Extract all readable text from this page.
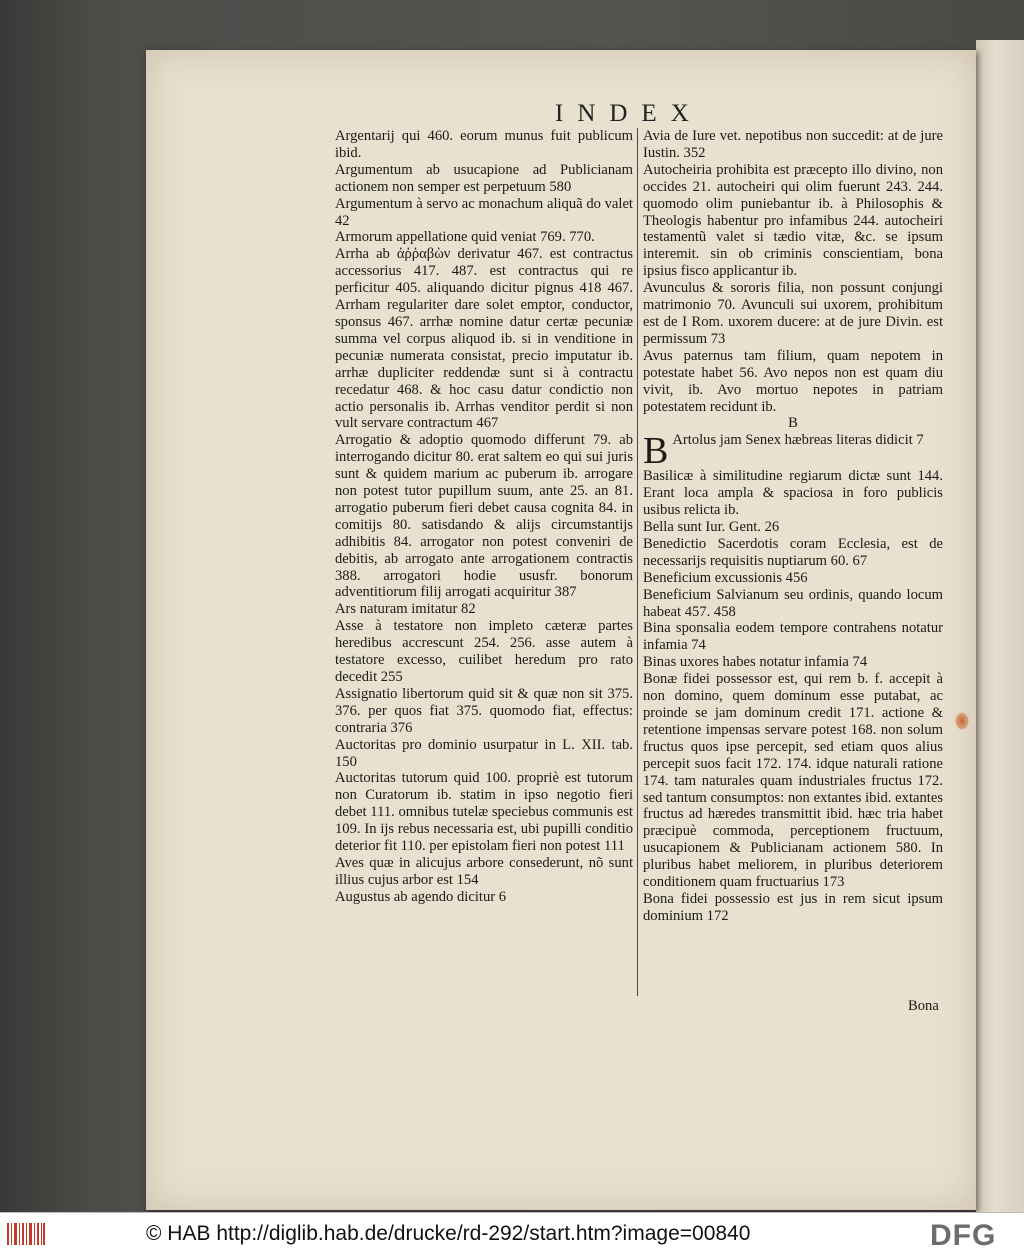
INDEX
Argentarij qui 460. eorum munus fuit publicum ibid.
Argumentum ab usucapione ad Publicianam actionem non semper est perpetuum 580
Argumentum à servo ac monachum aliquã do valet 42
Armorum appellatione quid veniat 769. 770.
Arrha ab ἀῤῥαβὼν derivatur 467. est contractus accessorius 417. 487. est contractus qui re perficitur 405. aliquando dicitur pignus 418 467. Arrham regulariter dare solet emptor, conductor, sponsus 467. arrhæ nomine datur certæ pecuniæ summa vel corpus aliquod ib. si in venditione in pecuniæ numerata consistat, precio imputatur ib. arrhæ dupliciter reddendæ sunt si à contractu recedatur 468. & hoc casu datur condictio non actio personalis ib. Arrhas venditor perdit si non vult servare contractum 467
Arrogatio & adoptio quomodo differunt 79. ab interrogando dicitur 80. erat saltem eo qui sui juris sunt & quidem marium ac puberum ib. arrogare non potest tutor pupillum suum, ante 25. an 81. arrogatio puberum fieri debet causa cognita 84. in comitijs 80. satisdando & alijs circumstantijs adhibitis 84. arrogator non potest conveniri de debitis, ab arrogato ante arrogationem contractis 388. arrogatori hodie ususfr. bonorum adventitiorum filij arrogati acquiritur 387
Ars naturam imitatur 82
Asse à testatore non impleto cæteræ partes heredibus accrescunt 254. 256. asse autem à testatore excesso, cuilibet heredum pro rato decedit 255
Assignatio libertorum quid sit & quæ non sit 375. 376. per quos fiat 375. quomodo fiat, effectus: contraria 376
Auctoritas pro dominio usurpatur in L. XII. tab. 150
Auctoritas tutorum quid 100. propriè est tutorum non Curatorum ib. statim in ipso negotio fieri debet 111. omnibus tutelæ speciebus communis est 109. In ijs rebus necessaria est, ubi pupilli conditio deterior fit 110. per epistolam fieri non potest 111
Aves quæ in alicujus arbore consederunt, nõ sunt illius cujus arbor est 154
Augustus ab agendo dicitur 6
Avia de Iure vet. nepotibus non succedit: at de jure Iustin. 352
Autocheiria prohibita est præcepto illo divino, non occides 21. autocheiri qui olim fuerunt 243. 244. quomodo olim puniebantur ib. à Philosophis & Theologis habentur pro infamibus 244. autocheiri testamentũ valet si tædio vitæ, &c. se ipsum interemit. sin ob criminis conscientiam, bona ipsius fisco applicantur ib.
Avunculus & sororis filia, non possunt conjungi matrimonio 70. Avunculi sui uxorem, prohibitum est de I Rom. uxorem ducere: at de jure Divin. est permissum 73
Avus paternus tam filium, quam nepotem in potestate habet 56. Avo nepos non est quam diu vivit, ib. Avo mortuo nepotes in patriam potestatem recidunt ib.
B
B Artolus jam Senex hæbreas literas didicit 7
Basilicæ à similitudine regiarum dictæ sunt 144. Erant loca ampla & spaciosa in foro publicis usibus relicta ib.
Bella sunt Iur. Gent. 26
Benedictio Sacerdotis coram Ecclesia, est de necessarijs requisitis nuptiarum 60. 67
Beneficium excussionis 456
Beneficium Salvianum seu ordinis, quando locum habeat 457. 458
Bina sponsalia eodem tempore contrahens notatur infamia 74
Binas uxores habes notatur infamia 74
Bonæ fidei possessor est, qui rem b. f. accepit à non domino, quem dominum esse putabat, ac proinde se jam dominum credit 171. actione & retentione impensas servare potest 168. non solum fructus quos ipse percepit, sed etiam quos alius percepit suos facit 172. 174. idque naturali ratione 174. tam naturales quam industriales fructus 172. sed tantum consumptos: non extantes ibid. extantes fructus ad hæredes transmittit ibid. hæc tria habet præcipuè commoda, perceptionem fructuum, usucapionem & Publicianam actionem 580. In pluribus habet meliorem, in pluribus deteriorem conditionem quam fructuarius 173
Bona fidei possessio est jus in rem sicut ipsum dominium 172
Bona
© HAB http://diglib.hab.de/drucke/rd-292/start.htm?image=00840	DFG
